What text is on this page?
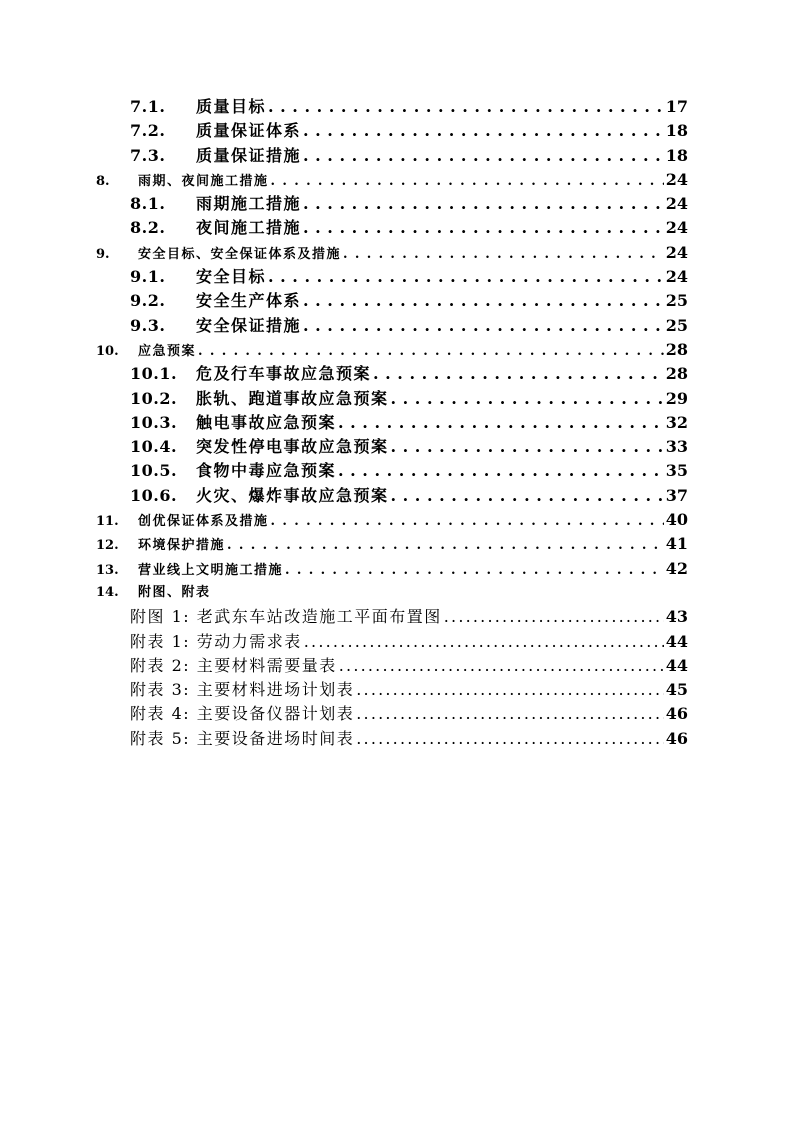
7.1.	质量目标 . . .	17
7.2.	质量保证体系 . . .	18
7.3.	质量保证措施 . . .	18
8.	雨期、夜间施工措施 . . .	24
8.1.	雨期施工措施 . . .	24
8.2.	夜间施工措施 . . .	24
9.	安全目标、安全保证体系及措施 . . .	24
9.1.	安全目标 . . .	24
9.2.	安全生产体系 . . .	25
9.3.	安全保证措施 . . .	25
10.	应急预案 . . .	28
10.1.	危及行车事故应急预案 . . .	28
10.2.	胀轨、跑道事故应急预案 . . .	29
10.3.	触电事故应急预案 . . .	32
10.4.	突发性停电事故应急预案 . . .	33
10.5.	食物中毒应急预案 . . .	35
10.6.	火灾、爆炸事故应急预案 . . .	37
11.	创优保证体系及措施 . . .	40
12.	环境保护措施 . . .	41
13.	营业线上文明施工措施 . . .	42
14.	附图、附表
附图 1: 老武东车站改造施工平面布置图 .....	43
附表 1: 劳动力需求表 .....	44
附表 2: 主要材料需要量表 .....	44
附表 3: 主要材料进场计划表 .....	45
附表 4: 主要设备仪器计划表 .....	46
附表 5: 主要设备进场时间表 .....	46
